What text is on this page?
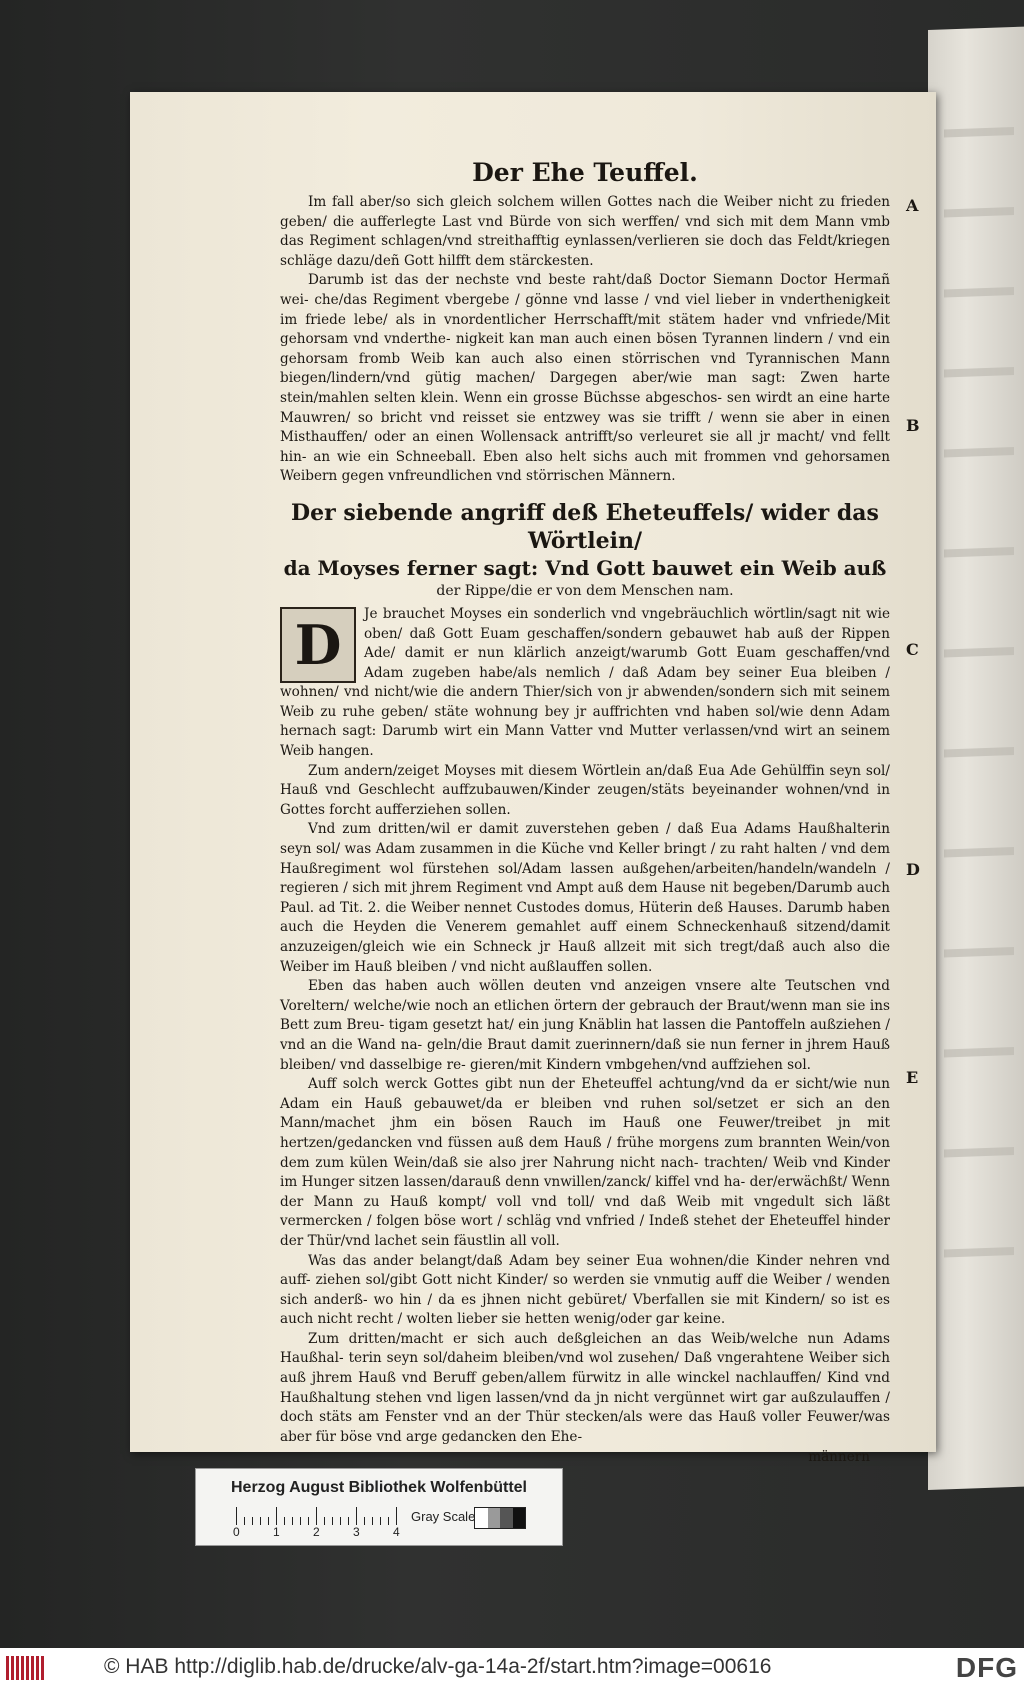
A
B
C
D
E
Der Ehe Teuffel.

Im fall aber/so sich gleich solchem willen Gottes nach die Weiber nicht zu frieden geben/ die aufferlegte Last vnd Bürde von sich werffen/ vnd sich mit dem Mann vmb das Regiment schlagen/vnd streithafftig eynlassen/verlieren sie doch das Feldt/kriegen schläge dazu/deñ Gott hilfft dem stärckesten.

Darumb ist das der nechste vnd beste raht/daß Doctor Siemann Doctor Hermañ wei- che/das Regiment vbergebe / gönne vnd lasse / vnd viel lieber in vnderthenigkeit im friede lebe/ als in vnordentlicher Herrschafft/mit stätem hader vnd vnfriede/Mit gehorsam vnd vnderthe- nigkeit kan man auch einen bösen Tyrannen lindern / vnd ein gehorsam fromb Weib kan auch also einen störrischen vnd Tyrannischen Mann biegen/lindern/vnd gütig machen/ Dargegen aber/wie man sagt: Zwen harte stein/mahlen selten klein. Wenn ein grosse Büchsse abgeschos- sen wirdt an eine harte Mauwren/ so bricht vnd reisset sie entzwey was sie trifft / wenn sie aber in einen Misthauffen/ oder an einen Wollensack antrifft/so verleuret sie all jr macht/ vnd fellt hin- an wie ein Schneeball. Eben also helt sichs auch mit frommen vnd gehorsamen Weibern gegen vnfreundlichen vnd störrischen Männern.

Der siebende angriff deß Eheteuffels/ wider das Wörtlein/
da Moyses ferner sagt: Vnd Gott bauwet ein Weib auß
der Rippe/die er von dem Menschen nam.
D	Je brauchet Moyses ein sonderlich vnd vngebräuchlich wörtlin/sagt nit wie oben/ daß Gott Euam geschaffen/sondern gebauwet hab auß der Rippen Ade/ damit er nun klärlich anzeigt/warumb Gott Euam geschaffen/vnd Adam zugeben habe/als nemlich / daß Adam bey seiner Eua bleiben / wohnen/ vnd nicht/wie die andern Thier/sich von jr abwenden/sondern sich mit seinem Weib zu ruhe geben/ stäte wohnung bey jr auffrichten vnd haben sol/wie denn Adam hernach sagt: Darumb wirt ein Mann Vatter vnd Mutter verlassen/vnd wirt an seinem Weib hangen.

Zum andern/zeiget Moyses mit diesem Wörtlein an/daß Eua Ade Gehülffin seyn sol/ Hauß vnd Geschlecht auffzubauwen/Kinder zeugen/stäts beyeinander wohnen/vnd in Gottes forcht aufferziehen sollen.

Vnd zum dritten/wil er damit zuverstehen geben / daß Eua Adams Haußhalterin seyn sol/ was Adam zusammen in die Küche vnd Keller bringt / zu raht halten / vnd dem Haußregiment wol fürstehen sol/Adam lassen außgehen/arbeiten/handeln/wandeln / regieren / sich mit jhrem Regiment vnd Ampt auß dem Hause nit begeben/Darumb auch Paul. ad Tit. 2. die Weiber nennet Custodes domus, Hüterin deß Hauses. Darumb haben auch die Heyden die Venerem gemahlet auff einem Schneckenhauß sitzend/damit anzuzeigen/gleich wie ein Schneck jr Hauß allzeit mit sich tregt/daß auch also die Weiber im Hauß bleiben / vnd nicht außlauffen sollen.

Eben das haben auch wöllen deuten vnd anzeigen vnsere alte Teutschen vnd Voreltern/ welche/wie noch an etlichen örtern der gebrauch der Braut/wenn man sie ins Bett zum Breu- tigam gesetzt hat/ ein jung Knäblin hat lassen die Pantoffeln außziehen / vnd an die Wand na- geln/die Braut damit zuerinnern/daß sie nun ferner in jhrem Hauß bleiben/ vnd dasselbige re- gieren/mit Kindern vmbgehen/vnd auffziehen sol.

Auff solch werck Gottes gibt nun der Eheteuffel achtung/vnd da er sicht/wie nun Adam ein Hauß gebauwet/da er bleiben vnd ruhen sol/setzet er sich an den Mann/machet jhm ein bösen Rauch im Hauß one Feuwer/treibet jn mit hertzen/gedancken vnd füssen auß dem Hauß / frühe morgens zum brannten Wein/von dem zum külen Wein/daß sie also jrer Nahrung nicht nach- trachten/ Weib vnd Kinder im Hunger sitzen lassen/darauß denn vnwillen/zanck/ kiffel vnd ha- der/erwächßt/ Wenn der Mann zu Hauß kompt/ voll vnd toll/ vnd daß Weib mit vngedult sich läßt vermercken / folgen böse wort / schläg vnd vnfried / Indeß stehet der Eheteuffel hinder der Thür/vnd lachet sein fäustlin all voll.

Was das ander belangt/daß Adam bey seiner Eua wohnen/die Kinder nehren vnd auff- ziehen sol/gibt Gott nicht Kinder/ so werden sie vnmutig auff die Weiber / wenden sich anderß- wo hin / da es jhnen nicht gebüret/ Vberfallen sie mit Kindern/ so ist es auch nicht recht / wolten lieber sie hetten wenig/oder gar keine.

Zum dritten/macht er sich auch deßgleichen an das Weib/welche nun Adams Haußhal- terin seyn sol/daheim bleiben/vnd wol zusehen/ Daß vngerahtene Weiber sich auß jhrem Hauß vnd Beruff geben/allem fürwitz in alle winckel nachlauffen/ Kind vnd Haußhaltung stehen vnd ligen lassen/vnd da jn nicht vergünnet wirt gar außzulauffen / doch stäts am Fenster vnd an der Thür stecken/als were das Hauß voller Feuwer/was aber für böse vnd arge gedancken den Ehe-

männern
Herzog August Bibliothek Wolfenbüttel
0	1	2	3	4
Gray Scale
© HAB http://diglib.hab.de/drucke/alv-ga-14a-2f/start.htm?image=00616	DFG
